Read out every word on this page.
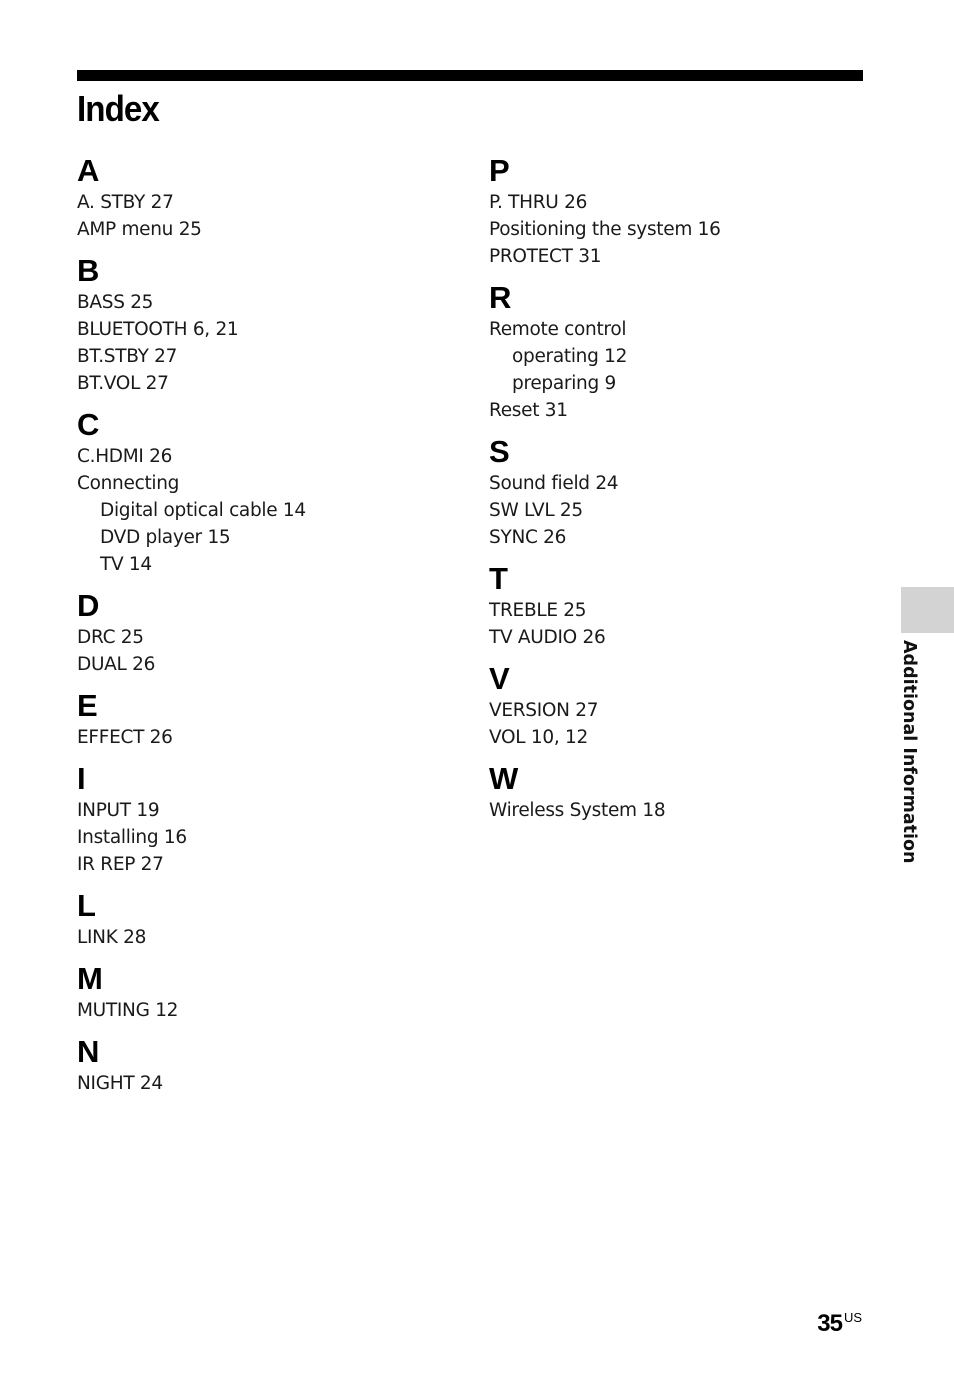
Index
A
A. STBY 27
AMP menu 25
B
BASS 25
BLUETOOTH 6, 21
BT.STBY 27
BT.VOL 27
C
C.HDMI 26
Connecting
Digital optical cable 14
DVD player 15
TV 14
D
DRC 25
DUAL 26
E
EFFECT 26
I
INPUT 19
Installing 16
IR REP 27
L
LINK 28
M
MUTING 12
N
NIGHT 24
P
P. THRU 26
Positioning the system 16
PROTECT 31
R
Remote control
operating 12
preparing 9
Reset 31
S
Sound field 24
SW LVL 25
SYNC 26
T
TREBLE 25
TV AUDIO 26
V
VERSION 27
VOL 10, 12
W
Wireless System 18	Additional Information
35 $^{US}$
